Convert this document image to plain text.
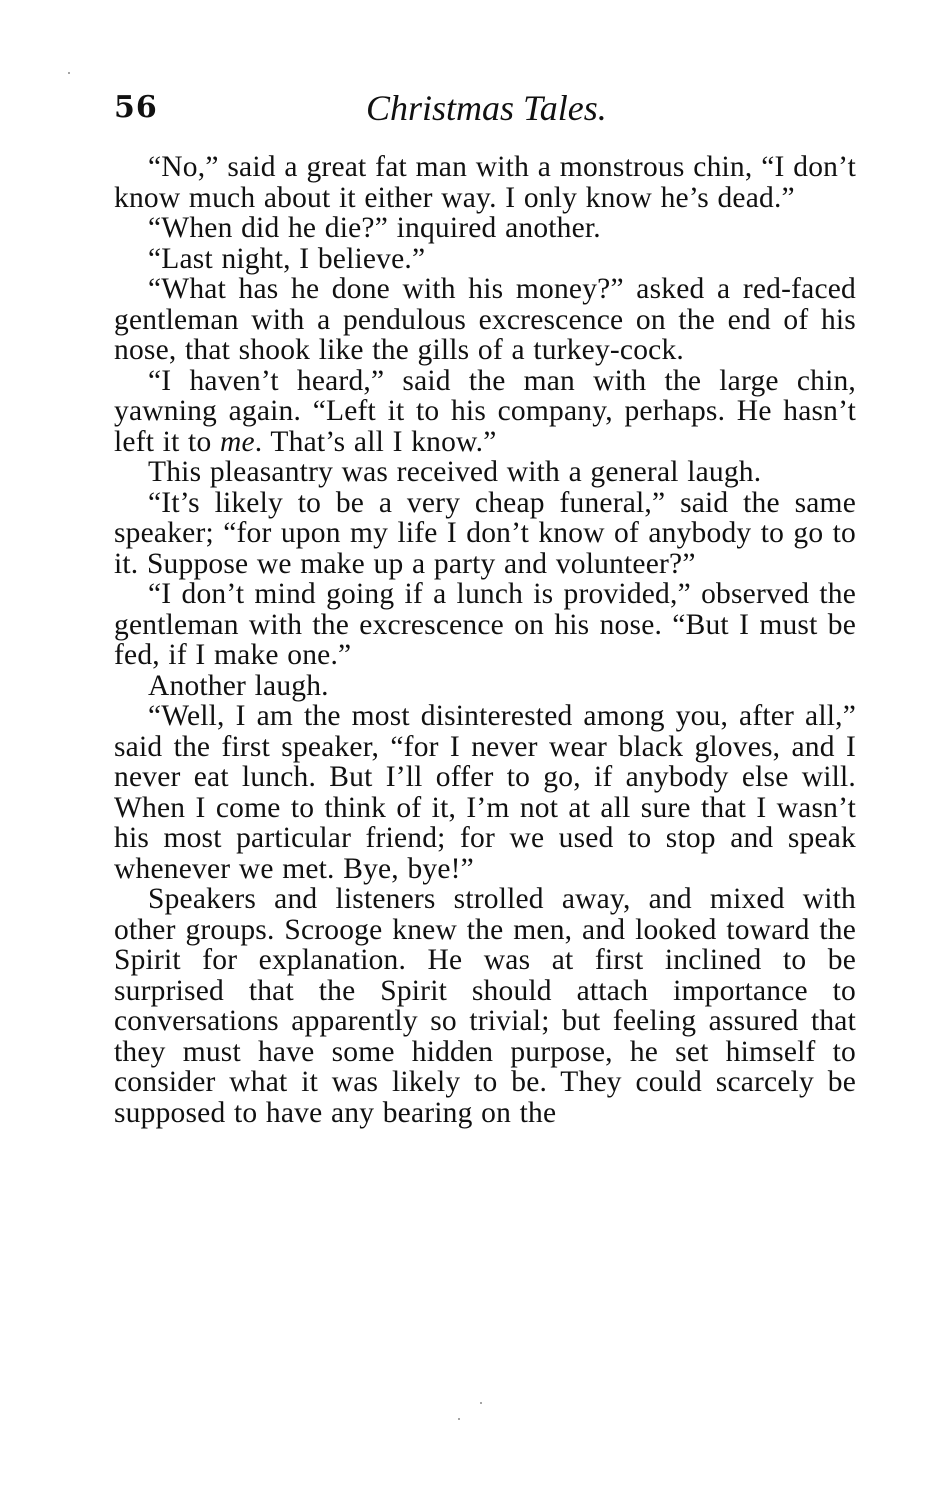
56	Christmas Tales.

“No,” said a great fat man with a monstrous chin, “I don’t know much about it either way. I only know he’s dead.”

“When did he die?” inquired another.

“Last night, I believe.”

“What has he done with his money?” asked a red-faced gentleman with a pendulous excrescence on the end of his nose, that shook like the gills of a turkey-cock.

“I haven’t heard,” said the man with the large chin, yawning again. “Left it to his company, perhaps. He hasn’t left it to me. That’s all I know.”

This pleasantry was received with a general laugh.

“It’s likely to be a very cheap funeral,” said the same speaker; “for upon my life I don’t know of anybody to go to it. Suppose we make up a party and volunteer?”

“I don’t mind going if a lunch is provided,” observed the gentleman with the excrescence on his nose. “But I must be fed, if I make one.”

Another laugh.

“Well, I am the most disinterested among you, after all,” said the first speaker, “for I never wear black gloves, and I never eat lunch. But I’ll offer to go, if anybody else will. When I come to think of it, I’m not at all sure that I wasn’t his most particular friend; for we used to stop and speak whenever we met. Bye, bye!”

Speakers and listeners strolled away, and mixed with other groups. Scrooge knew the men, and looked toward the Spirit for explanation. He was at first inclined to be surprised that the Spirit should attach importance to conversations apparently so trivial; but feeling assured that they must have some hidden purpose, he set himself to consider what it was likely to be. They could scarcely be supposed to have any bearing on the
